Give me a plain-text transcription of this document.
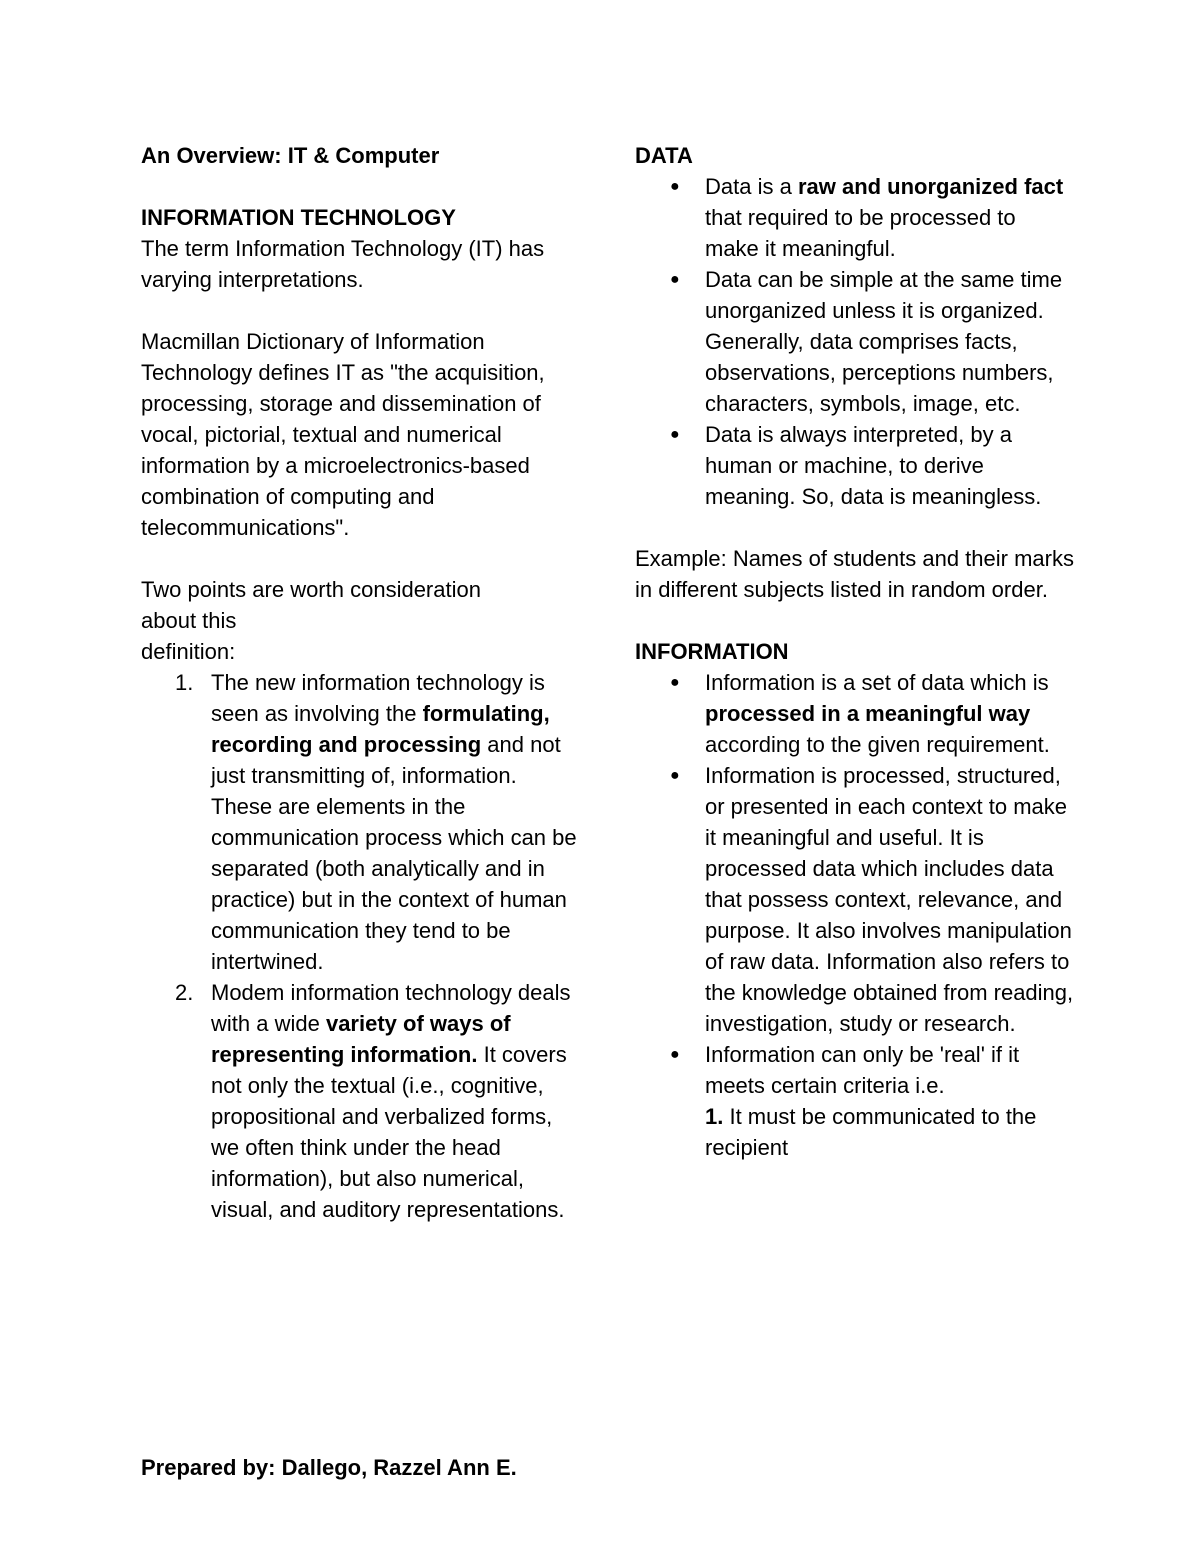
An Overview: IT & Computer

INFORMATION TECHNOLOGY

The term Information Technology (IT) has varying interpretations.

Macmillan Dictionary of Information Technology defines IT as "the acquisition, processing, storage and dissemination of vocal, pictorial, textual and numerical information by a microelectronics-based combination of computing and telecommunications".

Two points are worth consideration

about this

definition:

1. The new information technology is seen as involving the formulating, recording and processing and not just transmitting of, information. These are elements in the communication process which can be separated (both analytically and in practice) but in the context of human communication they tend to be intertwined.
2. Modem information technology deals with a wide variety of ways of representing information. It covers not only the textual (i.e., cognitive, propositional and verbalized forms, we often think under the head information), but also numerical, visual, and auditory representations.

DATA

● Data is a raw and unorganized fact that required to be processed to make it meaningful.
● Data can be simple at the same time unorganized unless it is organized. Generally, data comprises facts, observations, perceptions numbers, characters, symbols, image, etc.
● Data is always interpreted, by a human or machine, to derive meaning. So, data is meaningless.

Example: Names of students and their marks in different subjects listed in random order.

INFORMATION

● Information is a set of data which is processed in a meaningful way according to the given requirement.
● Information is processed, structured, or presented in each context to make it meaningful and useful. It is processed data which includes data that possess context, relevance, and purpose. It also involves manipulation of raw data. Information also refers to the knowledge obtained from reading, investigation, study or research.
● Information can only be 'real' if it meets certain criteria i.e.
1. It must be communicated to the recipient
Prepared by: Dallego, Razzel Ann E.
